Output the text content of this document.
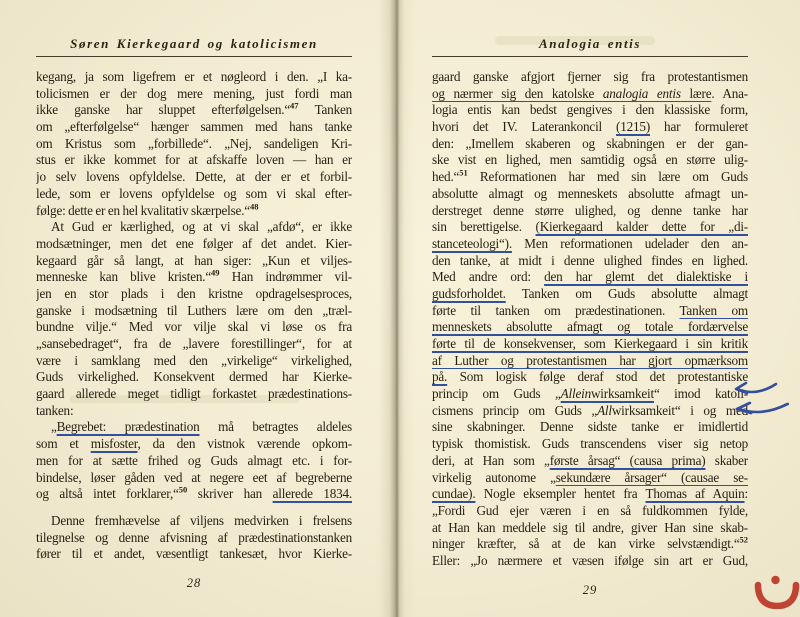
Søren Kierkegaard og katolicismen
kegang, ja som ligefrem er et nøgleord i den. „I ka-
tolicismen er der dog mere mening, just fordi man
ikke ganske har sluppet efterfølgelsen.“$^{47}$ Tanken
om „efterfølgelse“ hænger sammen med hans tanke
om Kristus som „forbillede“. „Nej, sandeligen Kri-
stus er ikke kommet for at afskaffe loven — han er
jo selv lovens opfyldelse. Dette, at der er et forbil-
lede, som er lovens opfyldelse og som vi skal efter-
følge: dette er en hel kvalitativ skærpelse.“$^{48}$
At Gud er kærlighed, og at vi skal „afdø“, er ikke
modsætninger, men det ene følger af det andet. Kier-
kegaard går så langt, at han siger: „Kun et viljes-
menneske kan blive kristen.“$^{49}$ Han indrømmer vil-
jen en stor plads i den kristne opdragelsesproces,
ganske i modsætning til Luthers lære om den „træl-
bundne vilje.“ Med vor vilje skal vi løse os fra
„sansebedraget“, fra de „lavere forestillinger“, for at
være i samklang med den „virkelige“ virkelighed,
Guds virkelighed. Konsekvent dermed har Kierke-
gaard allerede meget tidligt forkastet prædestinations-
tanken:
„Begrebet: prædestination må betragtes aldeles
som et misfoster, da den vistnok værende opkom-
men for at sætte frihed og Guds almagt etc. i for-
bindelse, løser gåden ved at negere eet af begreberne
og altså intet forklarer,“$^{50}$ skriver han allerede 1834.
Denne fremhævelse af viljens medvirken i frelsens
tilegnelse og denne afvisning af prædestinationstanken
fører til et andet, væsentligt tankesæt, hvor Kierke-
28
Analogia entis
gaard ganske afgjort fjerner sig fra protestantismen
og nærmer sig den katolske analogia entis lære. Ana-
logia entis kan bedst gengives i den klassiske form,
hvori det IV. Laterankoncil (1215) har formuleret
den: „Imellem skaberen og skabningen er der gan-
ske vist en lighed, men samtidig også en større ulig-
hed.“$^{51}$ Reformationen har med sin lære om Guds
absolutte almagt og menneskets absolutte afmagt un-
derstreget denne større ulighed, og denne tanke har
sin berettigelse. (Kierkegaard kalder dette for „di-
stanceteologi“). Men reformationen udelader den an-
den tanke, at midt i denne ulighed findes en lighed.
Med andre ord: den har glemt det dialektiske i
gudsforholdet. Tanken om Guds absolutte almagt
førte til tanken om prædestinationen. Tanken om
menneskets absolutte afmagt og totale fordærvelse
førte til de konsekvenser, som Kierkegaard i sin kritik
af Luther og protestantismen har gjort opmærksom
på. Som logisk følge deraf stod det protestantiske
princip om Guds „Alleinwirksamkeit“ imod katoli-
cismens princip om Guds „Allwirksamkeit“ i og med
sine skabninger. Denne sidste tanke er imidlertid
typisk thomistisk. Guds transcendens viser sig netop
deri, at Han som „første årsag“ (causa prima) skaber
virkelig autonome „sekundære årsager“ (causae se-
cundae). Nogle eksempler hentet fra Thomas af Aquin:
„Fordi Gud ejer væren i en så fuldkommen fylde,
at Han kan meddele sig til andre, giver Han sine skab-
ninger kræfter, så at de kan virke selvstændigt.“$^{52}$
Eller: „Jo nærmere et væsen ifølge sin art er Gud,
29
